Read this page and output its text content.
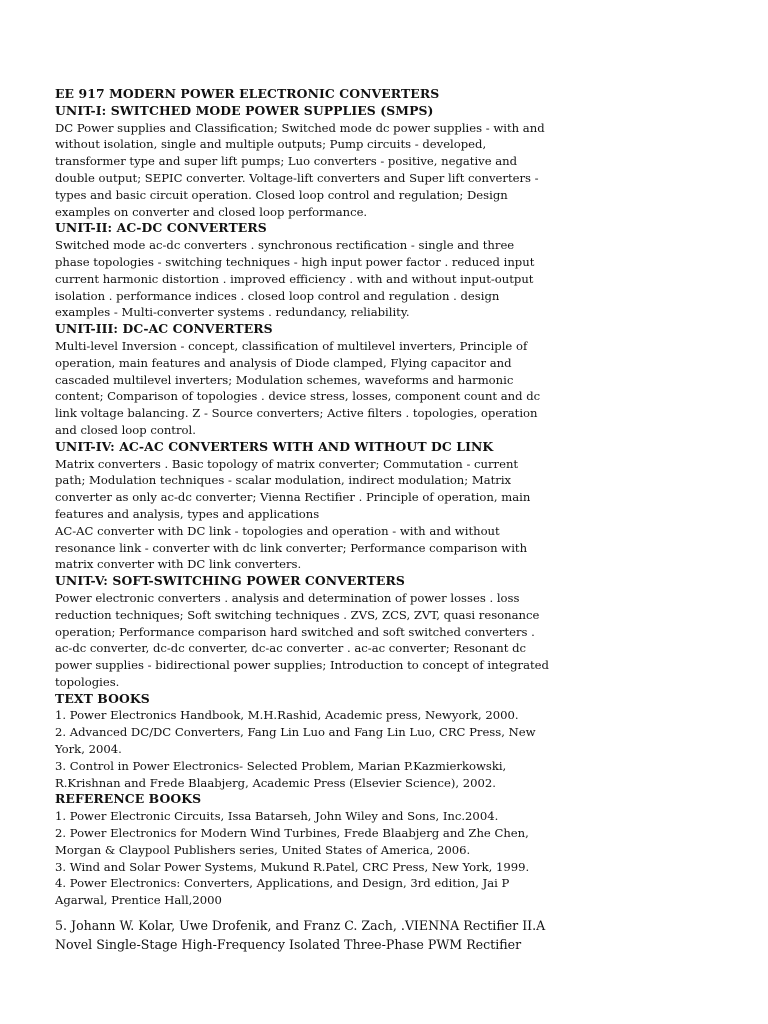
EE 917 MODERN POWER ELECTRONIC CONVERTERS
UNIT-I: SWITCHED MODE POWER SUPPLIES (SMPS)
DC Power supplies and Classification; Switched mode dc power supplies - with and
without isolation, single and multiple outputs; Pump circuits - developed,
transformer type and super lift pumps; Luo converters - positive, negative and
double output; SEPIC converter. Voltage-lift converters and Super lift converters -
types and basic circuit operation. Closed loop control and regulation; Design
examples on converter and closed loop performance.
UNIT-II: AC-DC CONVERTERS
Switched mode ac-dc converters . synchronous rectification - single and three
phase topologies - switching techniques - high input power factor . reduced input
current harmonic distortion . improved efficiency . with and without input-output
isolation . performance indices . closed loop control and regulation . design
examples - Multi-converter systems . redundancy, reliability.
UNIT-III: DC-AC CONVERTERS
Multi-level Inversion - concept, classification of multilevel inverters, Principle of
operation, main features and analysis of Diode clamped, Flying capacitor and
cascaded multilevel inverters; Modulation schemes, waveforms and harmonic
content; Comparison of topologies . device stress, losses, component count and dc
link voltage balancing. Z - Source converters; Active filters . topologies, operation
and closed loop control.
UNIT-IV: AC-AC CONVERTERS WITH AND WITHOUT DC LINK
Matrix converters . Basic topology of matrix converter; Commutation - current
path; Modulation techniques - scalar modulation, indirect modulation; Matrix
converter as only ac-dc converter; Vienna Rectifier . Principle of operation, main
features and analysis, types and applications
AC-AC converter with DC link - topologies and operation - with and without
resonance link - converter with dc link converter; Performance comparison with
matrix converter with DC link converters.
UNIT-V: SOFT-SWITCHING POWER CONVERTERS
Power electronic converters . analysis and determination of power losses . loss
reduction techniques; Soft switching techniques . ZVS, ZCS, ZVT, quasi resonance
operation; Performance comparison hard switched and soft switched converters .
ac-dc converter, dc-dc converter, dc-ac converter . ac-ac converter; Resonant dc
power supplies - bidirectional power supplies; Introduction to concept of integrated
topologies.
TEXT BOOKS
1. Power Electronics Handbook, M.H.Rashid, Academic press, Newyork, 2000.
2. Advanced DC/DC Converters, Fang Lin Luo and Fang Lin Luo, CRC Press, New
York, 2004.
3. Control in Power Electronics- Selected Problem, Marian P.Kazmierkowski,
R.Krishnan and Frede Blaabjerg, Academic Press (Elsevier Science), 2002.
REFERENCE BOOKS
1. Power Electronic Circuits, Issa Batarseh, John Wiley and Sons, Inc.2004.
2. Power Electronics for Modern Wind Turbines, Frede Blaabjerg and Zhe Chen,
Morgan & Claypool Publishers series, United States of America, 2006.
3. Wind and Solar Power Systems, Mukund R.Patel, CRC Press, New York, 1999.
4. Power Electronics: Converters, Applications, and Design, 3rd edition, Jai P
Agarwal, Prentice Hall,2000
5. Johann W. Kolar, Uwe Drofenik, and Franz C. Zach, .VIENNA Rectifier II.A
Novel Single-Stage High-Frequency Isolated Three-Phase PWM Rectifier
